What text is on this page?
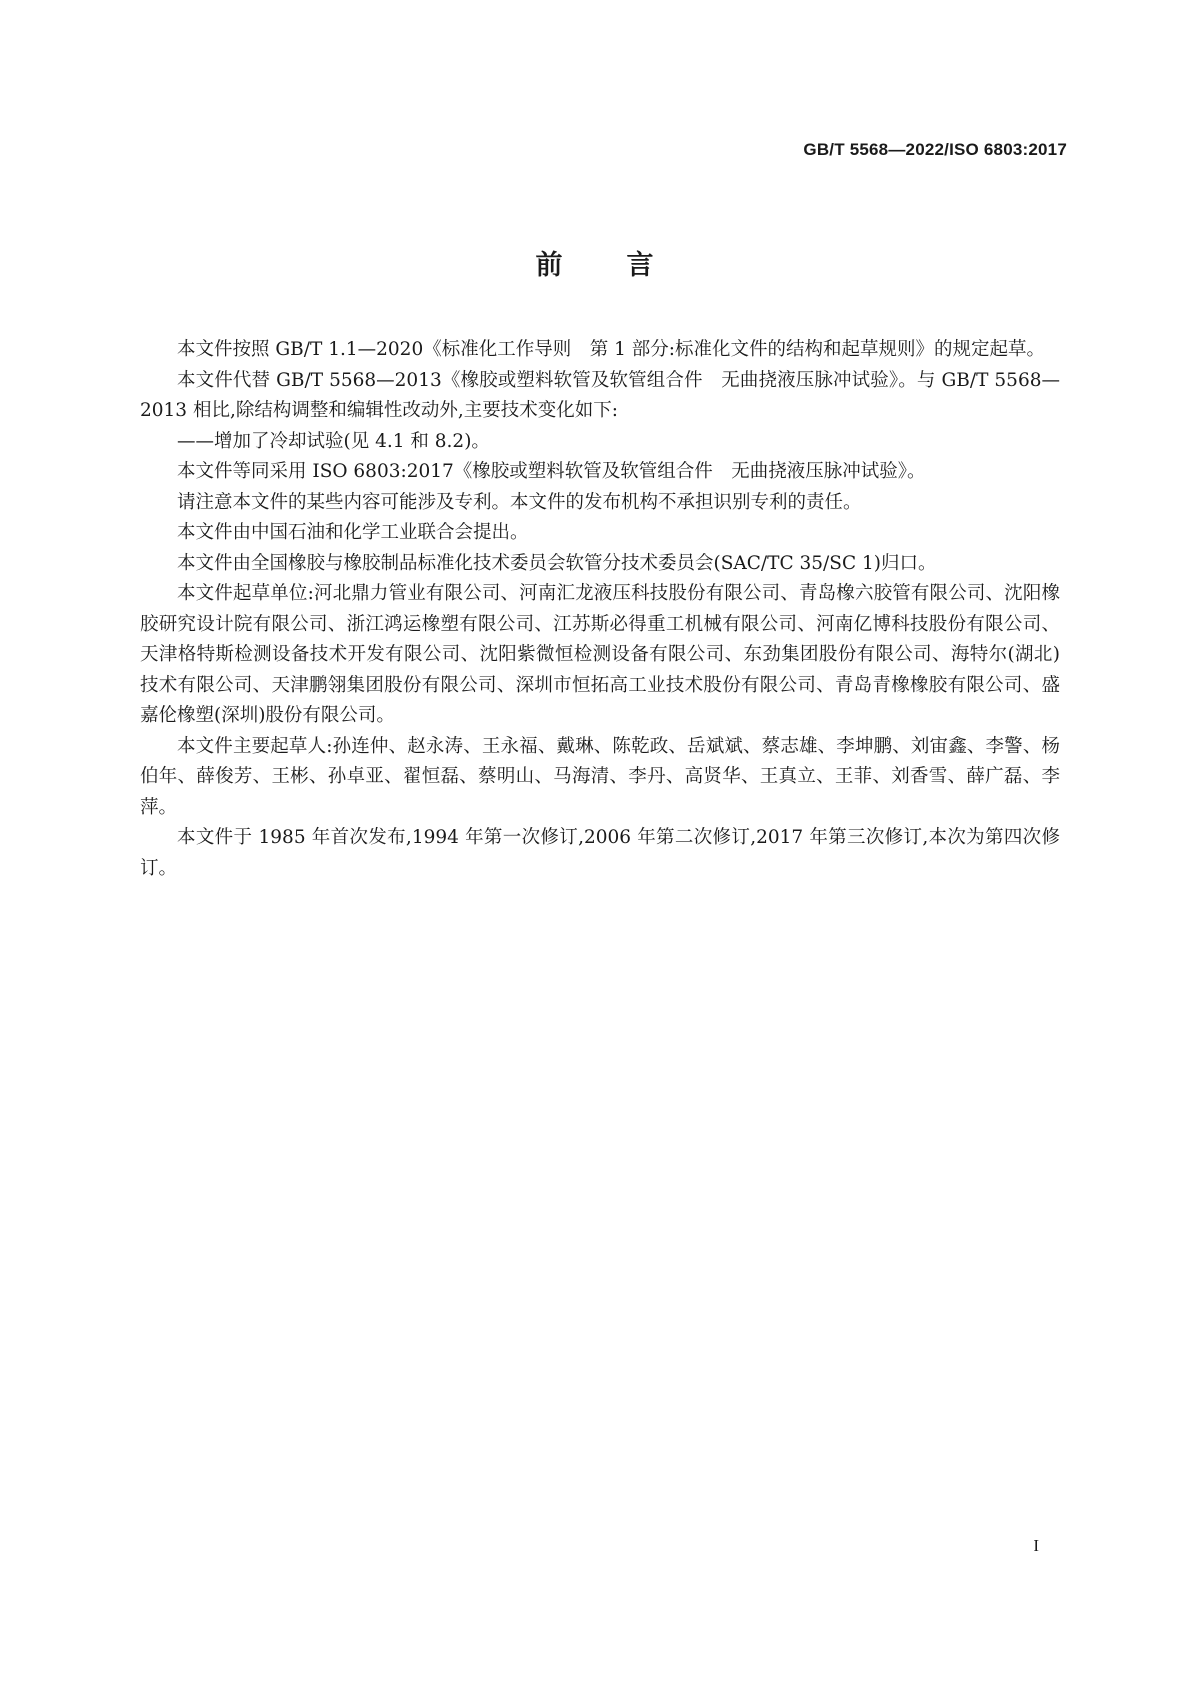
GB/T 5568—2022/ISO 6803:2017
前 言

本文件按照 GB/T 1.1—2020《标准化工作导则　第 1 部分:标准化文件的结构和起草规则》的规定起草。

本文件代替 GB/T 5568—2013《橡胶或塑料软管及软管组合件　无曲挠液压脉冲试验》。与 GB/T 5568—2013 相比,除结构调整和编辑性改动外,主要技术变化如下:

——增加了冷却试验(见 4.1 和 8.2)。

本文件等同采用 ISO 6803:2017《橡胶或塑料软管及软管组合件　无曲挠液压脉冲试验》。

请注意本文件的某些内容可能涉及专利。本文件的发布机构不承担识别专利的责任。

本文件由中国石油和化学工业联合会提出。

本文件由全国橡胶与橡胶制品标准化技术委员会软管分技术委员会(SAC/TC 35/SC 1)归口。

本文件起草单位:河北鼎力管业有限公司、河南汇龙液压科技股份有限公司、青岛橡六胶管有限公司、沈阳橡胶研究设计院有限公司、浙江鸿运橡塑有限公司、江苏斯必得重工机械有限公司、河南亿博科技股份有限公司、天津格特斯检测设备技术开发有限公司、沈阳紫微恒检测设备有限公司、东劲集团股份有限公司、海特尔(湖北)技术有限公司、天津鹏翎集团股份有限公司、深圳市恒拓高工业技术股份有限公司、青岛青橡橡胶有限公司、盛嘉伦橡塑(深圳)股份有限公司。

本文件主要起草人:孙连仲、赵永涛、王永福、戴琳、陈乾政、岳斌斌、蔡志雄、李坤鹏、刘宙鑫、李警、杨伯年、薛俊芳、王彬、孙卓亚、翟恒磊、蔡明山、马海清、李丹、高贤华、王真立、王菲、刘香雪、薛广磊、李萍。

本文件于 1985 年首次发布,1994 年第一次修订,2006 年第二次修订,2017 年第三次修订,本次为第四次修订。

I
